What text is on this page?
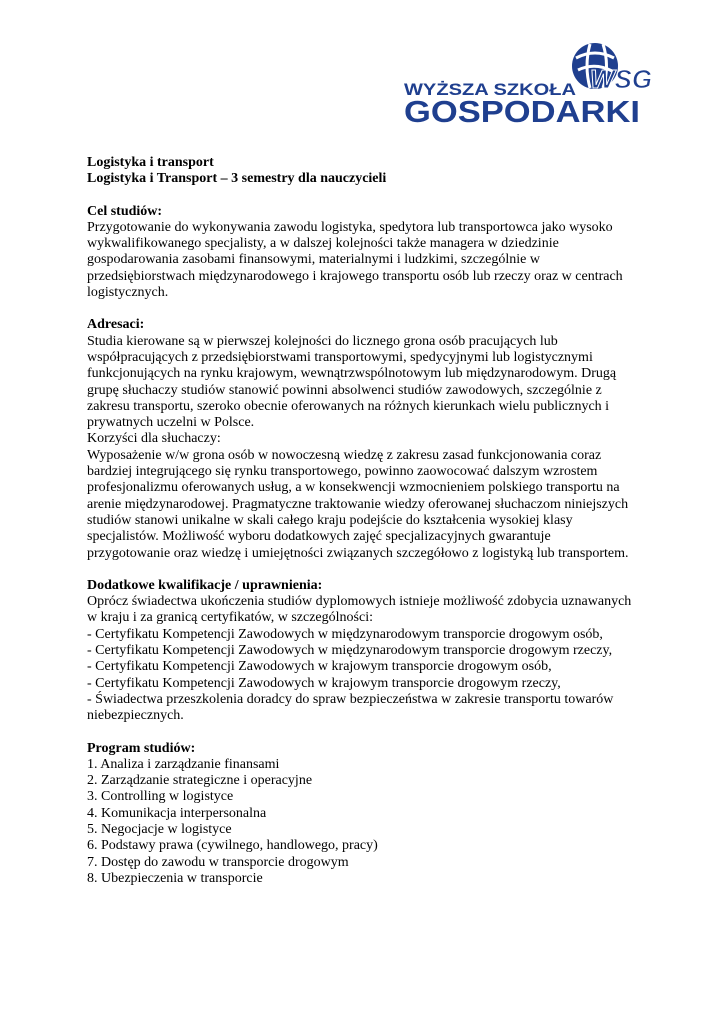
WSG
WYŻSZA SZKOŁA
GOSPODARKI

Logistyka i transport

Logistyka i Transport – 3 semestry dla nauczycieli

Cel studiów:

Przygotowanie do wykonywania zawodu logistyka, spedytora lub transportowca jako wysoko wykwalifikowanego specjalisty, a w dalszej kolejności także managera w dziedzinie gospodarowania zasobami finansowymi, materialnymi i ludzkimi, szczególnie w przedsiębiorstwach międzynarodowego i krajowego transportu osób lub rzeczy oraz w centrach logistycznych.

Adresaci:

Studia kierowane są w pierwszej kolejności do licznego grona osób pracujących lub współpracujących z przedsiębiorstwami transportowymi, spedycyjnymi lub logistycznymi funkcjonujących na rynku krajowym, wewnątrzwspólnotowym lub międzynarodowym. Drugą grupę słuchaczy studiów stanowić powinni absolwenci studiów zawodowych, szczególnie z zakresu transportu, szeroko obecnie oferowanych na różnych kierunkach wielu publicznych i prywatnych uczelni w Polsce.

Korzyści dla słuchaczy:

Wyposażenie w/w grona osób w nowoczesną wiedzę z zakresu zasad funkcjonowania coraz bardziej integrującego się rynku transportowego, powinno zaowocować dalszym wzrostem profesjonalizmu oferowanych usług, a w konsekwencji wzmocnieniem polskiego transportu na arenie międzynarodowej. Pragmatyczne traktowanie wiedzy oferowanej słuchaczom niniejszych studiów stanowi unikalne w skali całego kraju podejście do kształcenia wysokiej klasy specjalistów. Możliwość wyboru dodatkowych zajęć specjalizacyjnych gwarantuje przygotowanie oraz wiedzę i umiejętności związanych szczegółowo z logistyką lub transportem.

Dodatkowe kwalifikacje / uprawnienia:

Oprócz świadectwa ukończenia studiów dyplomowych istnieje możliwość zdobycia uznawanych w kraju i za granicą certyfikatów, w szczególności:

- Certyfikatu Kompetencji Zawodowych w międzynarodowym transporcie drogowym osób,
- Certyfikatu Kompetencji Zawodowych w międzynarodowym transporcie drogowym rzeczy,
- Certyfikatu Kompetencji Zawodowych w krajowym transporcie drogowym osób,
- Certyfikatu Kompetencji Zawodowych w krajowym transporcie drogowym rzeczy,
- Świadectwa przeszkolenia doradcy do spraw bezpieczeństwa w zakresie transportu towarów niebezpiecznych.

Program studiów:

1. Analiza i zarządzanie finansami
2. Zarządzanie strategiczne i operacyjne
3. Controlling w logistyce
4. Komunikacja interpersonalna
5. Negocjacje w logistyce
6. Podstawy prawa (cywilnego, handlowego, pracy)
7. Dostęp do zawodu w transporcie drogowym
8. Ubezpieczenia w transporcie
